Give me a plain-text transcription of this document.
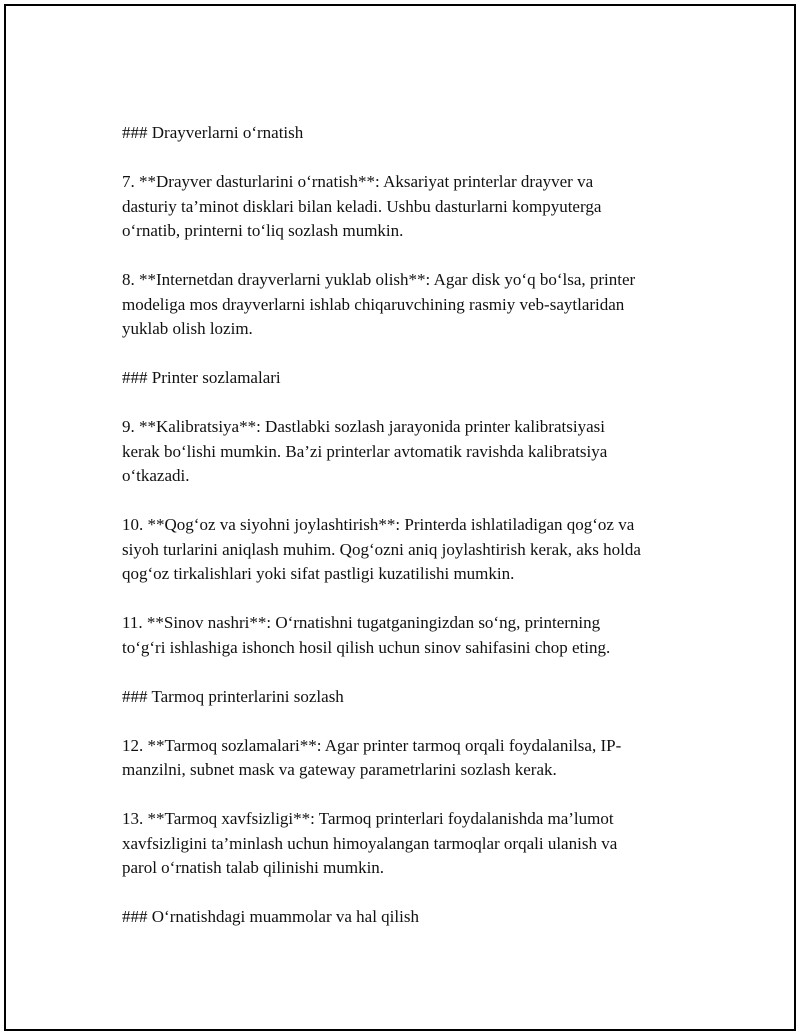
### Drayverlarni o‘rnatish
7. **Drayver dasturlarini o‘rnatish**: Aksariyat printerlar drayver va
dasturiy ta’minot disklari bilan keladi. Ushbu dasturlarni kompyuterga
o‘rnatib, printerni to‘liq sozlash mumkin.
8. **Internetdan drayverlarni yuklab olish**: Agar disk yo‘q bo‘lsa, printer
modeliga mos drayverlarni ishlab chiqaruvchining rasmiy veb-saytlaridan
yuklab olish lozim.
### Printer sozlamalari
9. **Kalibratsiya**: Dastlabki sozlash jarayonida printer kalibratsiyasi
kerak bo‘lishi mumkin. Ba’zi printerlar avtomatik ravishda kalibratsiya
o‘tkazadi.
10. **Qog‘oz va siyohni joylashtirish**: Printerda ishlatiladigan qog‘oz va
siyoh turlarini aniqlash muhim. Qog‘ozni aniq joylashtirish kerak, aks holda
qog‘oz tirkalishlari yoki sifat pastligi kuzatilishi mumkin.
11. **Sinov nashri**: O‘rnatishni tugatganingizdan so‘ng, printerning
to‘g‘ri ishlashiga ishonch hosil qilish uchun sinov sahifasini chop eting.
### Tarmoq printerlarini sozlash
12. **Tarmoq sozlamalari**: Agar printer tarmoq orqali foydalanilsa, IP-
manzilni, subnet mask va gateway parametrlarini sozlash kerak.
13. **Tarmoq xavfsizligi**: Tarmoq printerlari foydalanishda ma’lumot
xavfsizligini ta’minlash uchun himoyalangan tarmoqlar orqali ulanish va
parol o‘rnatish talab qilinishi mumkin.
### O‘rnatishdagi muammolar va hal qilish
